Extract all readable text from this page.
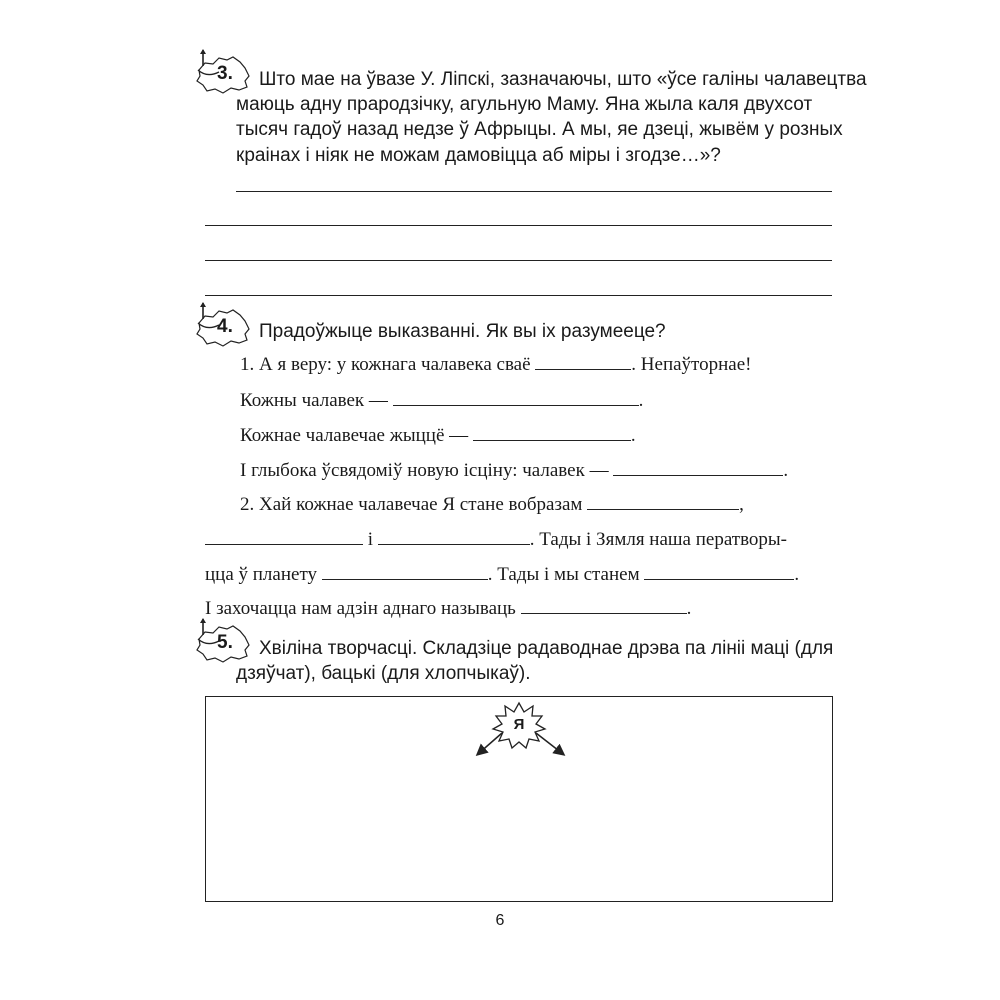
3. Што мае на ўвазе У. Ліпскі, зазначаючы, што «ўсе галіны чалавецтва
маюць адну прародзічку, агульную Маму. Яна жыла каля двухсот
тысяч гадоў назад недзе ў Афрыцы. А мы, яе дзеці, жывём у розных
краінах і ніяк не можам дамовіцца аб міры і згодзе…»?
4. Прадоўжыце выказванні. Як вы іх разумееце?
1. А я веру: у кожнага чалавека сваё	. Непаўторнае!
Кожны чалавек —	.
Кожнае чалавечае жыццё —	.
І глыбока ўсвядоміў новую ісціну: чалавек —	.
2. Хай кожнае чалавечае Я стане вобразам	,
і	. Тады і Зямля наша ператворы-
цца ў планету	. Тады і мы станем	.
І захочацца нам адзін аднаго называць	.
5. Хвіліна творчасці. Складзіце радаводнае дрэва па лініі маці (для
дзяўчат), бацькі (для хлопчыкаў).
Я
6
